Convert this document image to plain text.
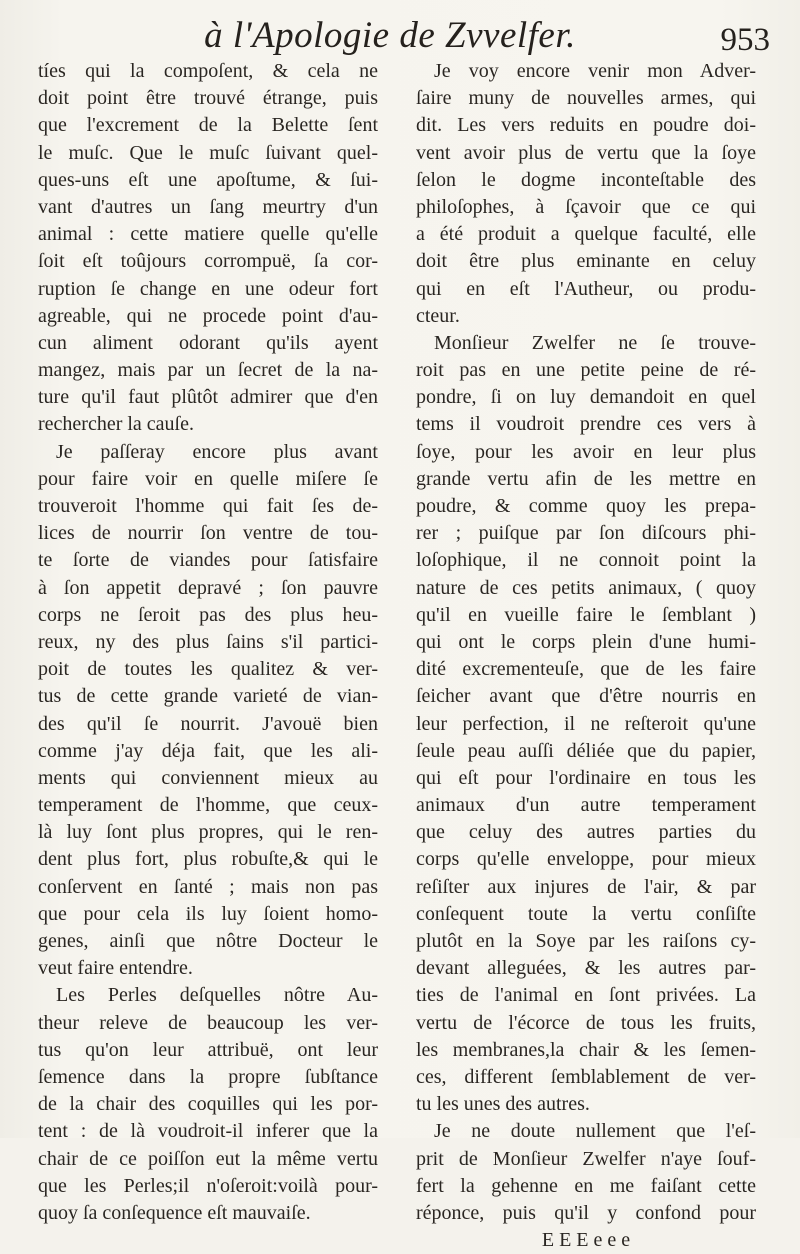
à l'Apologie de Zvvelfer.	953
tíes qui la compoſent, & cela ne
doit point être trouvé étrange, puis
que l'excrement de la Belette ſent
le muſc. Que le muſc ſuivant quel-
ques-uns eſt une apoſtume, & ſui-
vant d'autres un ſang meurtry d'un
animal : cette matiere quelle qu'elle
ſoit eſt toûjours corrompuë, ſa cor-
ruption ſe change en une odeur fort
agreable, qui ne procede point d'au-
cun aliment odorant qu'ils ayent
mangez, mais par un ſecret de la na-
ture qu'il faut plûtôt admirer que d'en
rechercher la cauſe.
Je paſſeray encore plus avant
pour faire voir en quelle miſere ſe
trouveroit l'homme qui fait ſes de-
lices de nourrir ſon ventre de tou-
te ſorte de viandes pour ſatisfaire
à ſon appetit depravé ; ſon pauvre
corps ne ſeroit pas des plus heu-
reux, ny des plus ſains s'il partici-
poit de toutes les qualitez & ver-
tus de cette grande varieté de vian-
des qu'il ſe nourrit. J'avouë bien
comme j'ay déja fait, que les ali-
ments qui conviennent mieux au
temperament de l'homme, que ceux-
là luy ſont plus propres, qui le ren-
dent plus fort, plus robuſte,& qui le
conſervent en ſanté ; mais non pas
que pour cela ils luy ſoient homo-
genes, ainſi que nôtre Docteur le
veut faire entendre.
Les Perles deſquelles nôtre Au-
theur releve de beaucoup les ver-
tus qu'on leur attribuë, ont leur
ſemence dans la propre ſubſtance
de la chair des coquilles qui les por-
tent : de là voudroit-il inferer que la
chair de ce poiſſon eut la même vertu
que les Perles;il n'oſeroit:voilà pour-
quoy ſa conſequence eſt mauvaiſe.
Je voy encore venir mon Adver-
ſaire muny de nouvelles armes, qui
dit. Les vers reduits en poudre doi-
vent avoir plus de vertu que la ſoye
ſelon le dogme inconteſtable des
philoſophes, à ſçavoir que ce qui
a été produit a quelque faculté, elle
doit être plus eminante en celuy
qui en eſt l'Autheur, ou produ-
cteur.
Monſieur Zwelfer ne ſe trouve-
roit pas en une petite peine de ré-
pondre, ſi on luy demandoit en quel
tems il voudroit prendre ces vers à
ſoye, pour les avoir en leur plus
grande vertu afin de les mettre en
poudre, & comme quoy les prepa-
rer ; puiſque par ſon diſcours phi-
loſophique, il ne connoit point la
nature de ces petits animaux, ( quoy
qu'il en vueille faire le ſemblant )
qui ont le corps plein d'une humi-
dité excrementeuſe, que de les faire
ſeicher avant que d'être nourris en
leur perfection, il ne reſteroit qu'une
ſeule peau auſſi déliée que du papier,
qui eſt pour l'ordinaire en tous les
animaux d'un autre temperament
que celuy des autres parties du
corps qu'elle enveloppe, pour mieux
reſiſter aux injures de l'air, & par
conſequent toute la vertu conſiſte
plutôt en la Soye par les raiſons cy-
devant alleguées, & les autres par-
ties de l'animal en ſont privées. La
vertu de l'écorce de tous les fruits,
les membranes,la chair & les ſemen-
ces, different ſemblablement de ver-
tu les unes des autres.
Je ne doute nullement que l'eſ-
prit de Monſieur Zwelfer n'aye ſouf-
fert la gehenne en me faiſant cette
réponce, puis qu'il y confond pour
E E E e e e
